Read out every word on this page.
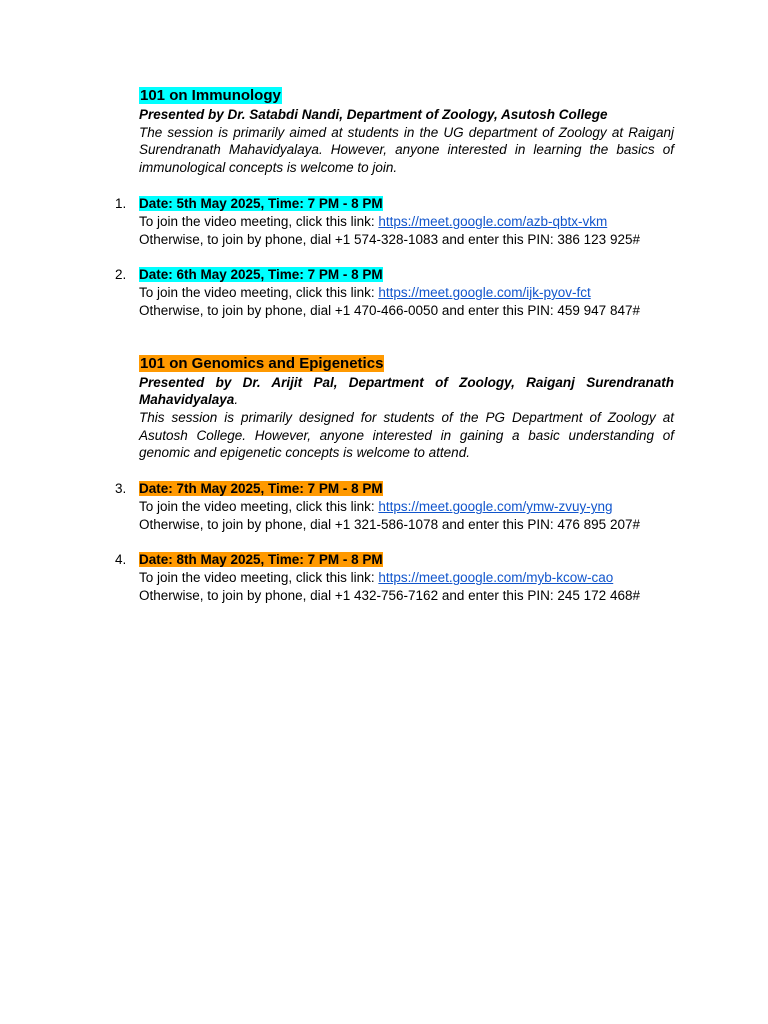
101 on Immunology

Presented by Dr. Satabdi Nandi, Department of Zoology, Asutosh College

The session is primarily aimed at students in the UG department of Zoology at Raiganj Surendranath Mahavidyalaya. However, anyone interested in learning the basics of immunological concepts is welcome to join.

1. Date: 5th May 2025, Time: 7 PM - 8 PM
To join the video meeting, click this link: https://meet.google.com/azb-qbtx-vkm
Otherwise, to join by phone, dial +1 574-328-1083 and enter this PIN: 386 123 925#
2. Date: 6th May 2025, Time: 7 PM - 8 PM
To join the video meeting, click this link: https://meet.google.com/ijk-pyov-fct
Otherwise, to join by phone, dial +1 470-466-0050 and enter this PIN: 459 947 847#

101 on Genomics and Epigenetics

Presented by Dr. Arijit Pal, Department of Zoology, Raiganj Surendranath Mahavidyalaya.

This session is primarily designed for students of the PG Department of Zoology at Asutosh College. However, anyone interested in gaining a basic understanding of genomic and epigenetic concepts is welcome to attend.

3. Date: 7th May 2025, Time: 7 PM - 8 PM
To join the video meeting, click this link: https://meet.google.com/ymw-zvuy-yng
Otherwise, to join by phone, dial +1 321-586-1078 and enter this PIN: 476 895 207#
4. Date: 8th May 2025, Time: 7 PM - 8 PM
To join the video meeting, click this link: https://meet.google.com/myb-kcow-cao
Otherwise, to join by phone, dial +1 432-756-7162 and enter this PIN: 245 172 468#
